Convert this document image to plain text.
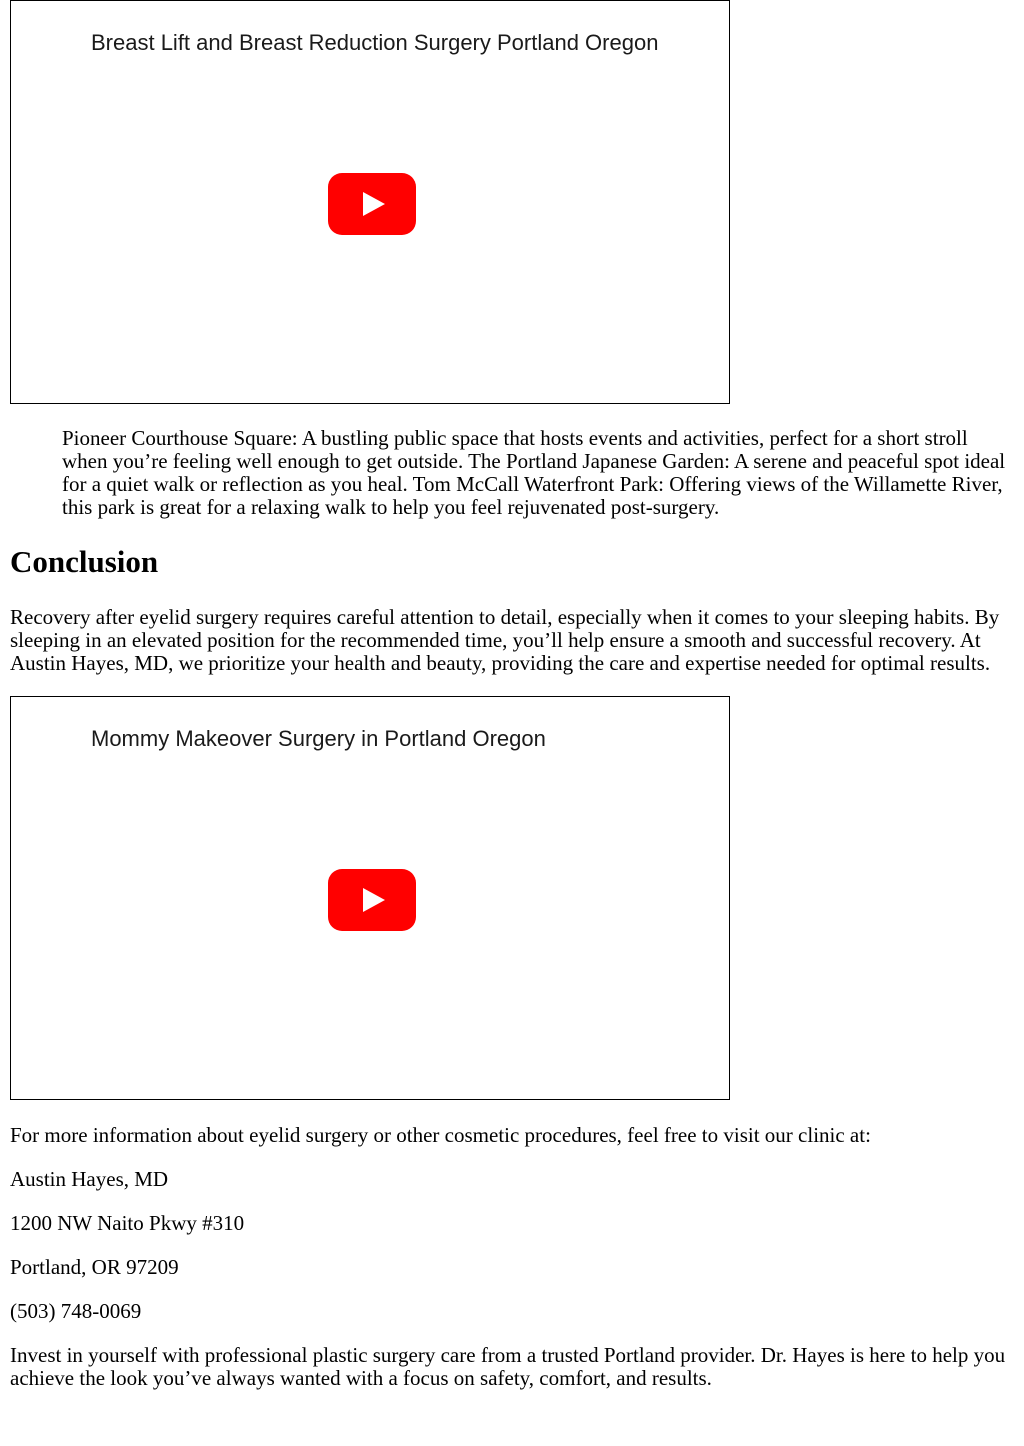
Breast Lift and Breast Reduction Surgery Portland Oregon

Pioneer Courthouse Square: A bustling public space that hosts events and activities, perfect for a short stroll when you’re feeling well enough to get outside. The Portland Japanese Garden: A serene and peaceful spot ideal for a quiet walk or reflection as you heal. Tom McCall Waterfront Park: Offering views of the Willamette River, this park is great for a relaxing walk to help you feel rejuvenated post-surgery.

Conclusion

Recovery after eyelid surgery requires careful attention to detail, especially when it comes to your sleeping habits. By sleeping in an elevated position for the recommended time, you’ll help ensure a smooth and successful recovery. At Austin Hayes, MD, we prioritize your health and beauty, providing the care and expertise needed for optimal results.

Mommy Makeover Surgery in Portland Oregon

For more information about eyelid surgery or other cosmetic procedures, feel free to visit our clinic at:

Austin Hayes, MD

1200 NW Naito Pkwy #310

Portland, OR 97209

(503) 748-0069

Invest in yourself with professional plastic surgery care from a trusted Portland provider. Dr. Hayes is here to help you achieve the look you’ve always wanted with a focus on safety, comfort, and results.
